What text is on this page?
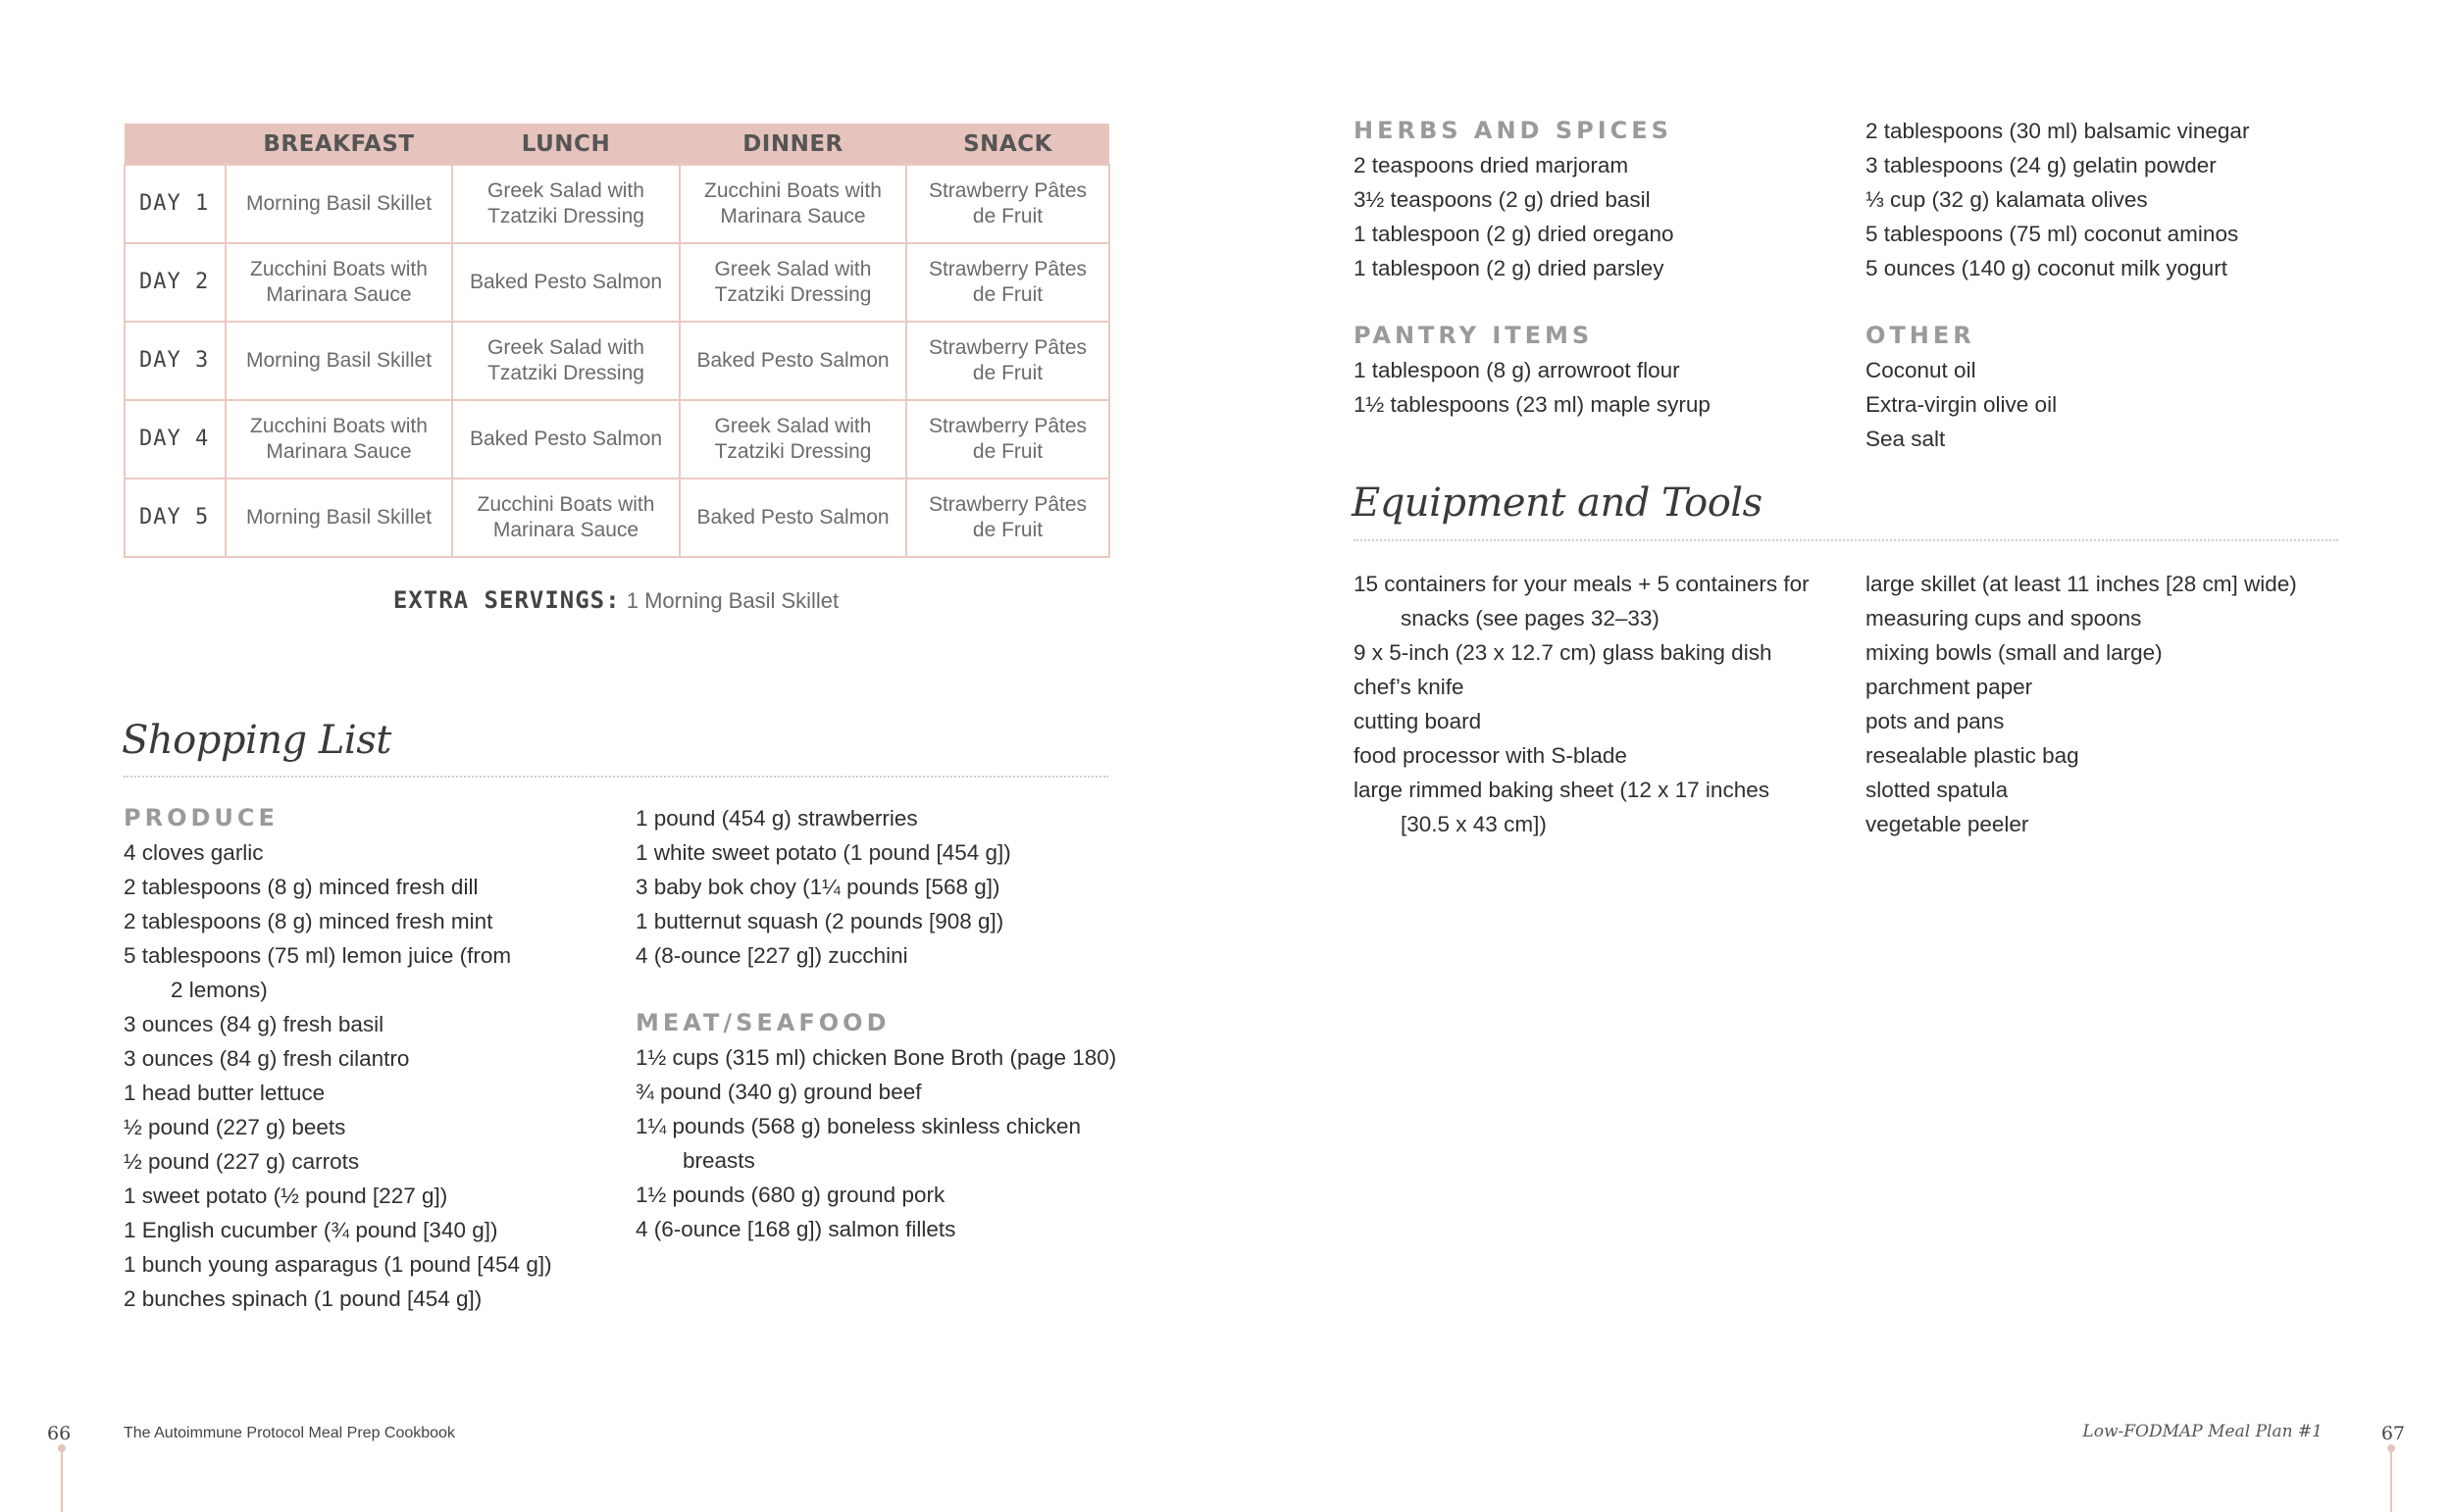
	BREAKFAST	LUNCH	DINNER	SNACK
DAY 1	Morning Basil Skillet	Greek Salad with Tzatziki Dressing	Zucchini Boats with Marinara Sauce	Strawberry Pâtes de Fruit
DAY 2	Zucchini Boats with Marinara Sauce	Baked Pesto Salmon	Greek Salad with Tzatziki Dressing	Strawberry Pâtes de Fruit
DAY 3	Morning Basil Skillet	Greek Salad with Tzatziki Dressing	Baked Pesto Salmon	Strawberry Pâtes de Fruit
DAY 4	Zucchini Boats with Marinara Sauce	Baked Pesto Salmon	Greek Salad with Tzatziki Dressing	Strawberry Pâtes de Fruit
DAY 5	Morning Basil Skillet	Zucchini Boats with Marinara Sauce	Baked Pesto Salmon	Strawberry Pâtes de Fruit
EXTRA SERVINGS: 1 Morning Basil Skillet
Shopping List
PRODUCE
4 cloves garlic
2 tablespoons (8 g) minced fresh dill
2 tablespoons (8 g) minced fresh mint
5 tablespoons (75 ml) lemon juice (from
2 lemons)
3 ounces (84 g) fresh basil
3 ounces (84 g) fresh cilantro
1 head butter lettuce
½ pound (227 g) beets
½ pound (227 g) carrots
1 sweet potato (½ pound [227 g])
1 English cucumber (¾ pound [340 g])
1 bunch young asparagus (1 pound [454 g])
2 bunches spinach (1 pound [454 g])
1 pound (454 g) strawberries
1 white sweet potato (1 pound [454 g])
3 baby bok choy (1¼ pounds [568 g])
1 butternut squash (2 pounds [908 g])
4 (8-ounce [227 g]) zucchini
MEAT/SEAFOOD
1½ cups (315 ml) chicken Bone Broth (page 180)
¾ pound (340 g) ground beef
1¼ pounds (568 g) boneless skinless chicken
breasts
1½ pounds (680 g) ground pork
4 (6-ounce [168 g]) salmon fillets
66	The Autoimmune Protocol Meal Prep Cookbook
HERBS AND SPICES
2 teaspoons dried marjoram
3½ teaspoons (2 g) dried basil
1 tablespoon (2 g) dried oregano
1 tablespoon (2 g) dried parsley
PANTRY ITEMS
1 tablespoon (8 g) arrowroot flour
1½ tablespoons (23 ml) maple syrup
2 tablespoons (30 ml) balsamic vinegar
3 tablespoons (24 g) gelatin powder
⅓ cup (32 g) kalamata olives
5 tablespoons (75 ml) coconut aminos
5 ounces (140 g) coconut milk yogurt
OTHER
Coconut oil
Extra-virgin olive oil
Sea salt
Equipment and Tools
15 containers for your meals + 5 containers for
snacks (see pages 32–33)
9 x 5-inch (23 x 12.7 cm) glass baking dish
chef’s knife
cutting board
food processor with S-blade
large rimmed baking sheet (12 x 17 inches
[30.5 x 43 cm])
large skillet (at least 11 inches [28 cm] wide)
measuring cups and spoons
mixing bowls (small and large)
parchment paper
pots and pans
resealable plastic bag
slotted spatula
vegetable peeler
Low-FODMAP Meal Plan #1	67
